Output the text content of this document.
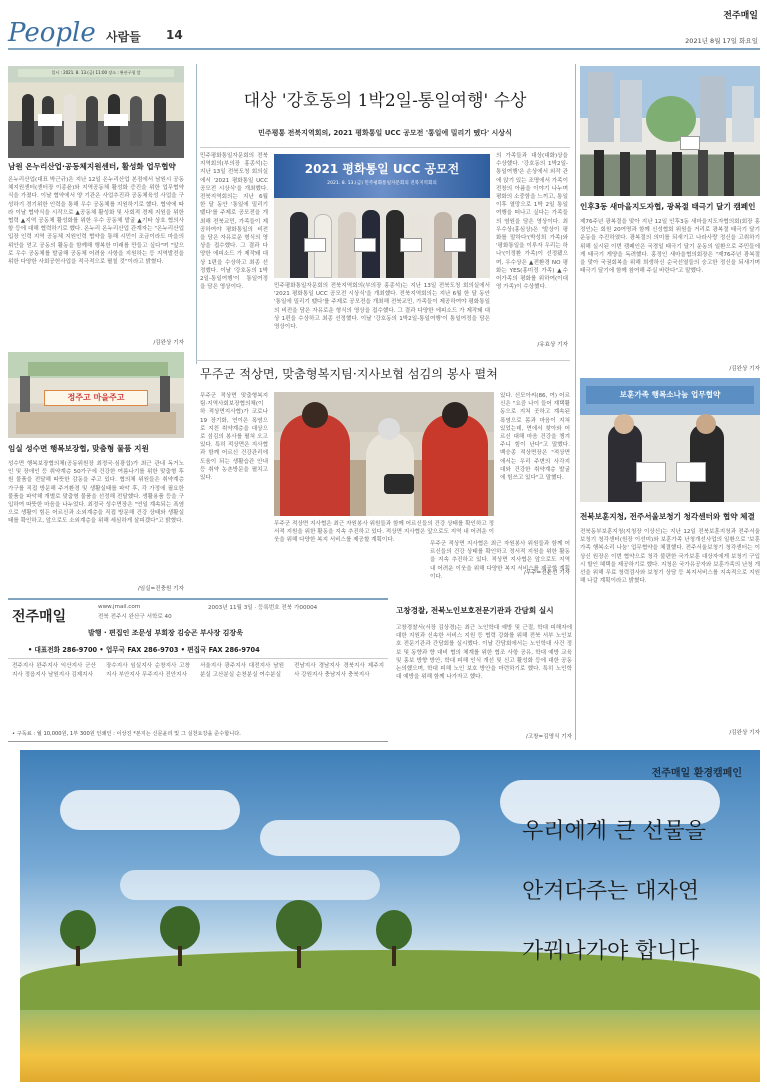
People 사람들 14
전주매일
2021년 8월 17일 화요일
일시 : 2021. 8. 13.(금) 11:00 장소 : 완산구청 앞
남원 온누리산업·공동체지원센터, 활성화 업무협약
온누리산업(대표 박근규)은 지난 12일 온누리산업 본점에서 남원시 공동체지원센터(센터장 이종윤)와 지역공동체 활성화 증진을 위한 업무협약식을 가졌다. 이날 협약에서 양 기관은 사업추진과 공동체육성 사업을 구성하기 경기위한 인력을 통해 우수 공동체를 지원하기로 했다. 협약에 따라 이날 협약식을 시작으로 ▲공동체 활성화 및 사회적 경제 지원을 위한 협력 ▲지역 공동체 활성화를 위한 우수 공동체 발굴 ▲기타 상호 협의사항 등에 대해 협력하기로 했다. 온누리 온누리산업 관계자는 "온누리산업 입장 인력 지역 공동체 지원인력 협약을 통해 시민이 조금이라도 마을의 위안을 얻고 공동의 활동을 함께해 행복한 미래를 만들고 싶다"며 "앞으로 우수 공동체를 발굴해 공동체 어려움 사항을 지원하는 등 지역발전을 위한 다양한 사회공헌사업을 적극적으로 펼칠 것"이라고 밝혔다.
/김완상 기자
정주고 마을주고
임실 성수면 행복보장협, 맞춤형 물품 지원
성수면 행복보장협의체(공동위원장 최정국·심광섭)가 최근 관내 독거노인 및 장애인 등 취약계층 50가구에 건강한 여름나기를 위한 맞춤형 후원 물품을 전달해 따뜻한 감동을 주고 있다. 협의체 위원들은 취약계층 가구를 직접 방문해 주거환경 및 생활실태를 파악 후, 각 가정에 필요한 물품을 파악해 개별로 맞춤형 물품을 선정해 전달했다. 생활용품 등을 구입하여 따뜻한 마음을 나누었다. 최정국 성수면장은 "연일 계속되는 폭염으로 생활이 힘든 어르신과 소외계층을 직접 방문해 건강 상태와 생활실태를 확인하고, 앞으로도 소외계층을 위해 세심하게 살피겠다"고 밝혔다.
/임실=진충원 기자
대상 '강호동의 1박2일-통일여행' 수상
민주평통 전북지역회의, 2021 평화통일 UCC 공모전 '통일에 밀리기 뗐다' 시상식
민주평화통일자문회의 전북지역회의(부의장 홍종석)는 지난 13일 전북도청 회의실에서 '2021 평화통일 UCC 공모전 시상식'을 개최했다. 전북지역회의는 지난 6월 한 달 동안 '통일에 밀리기 뗐다'를 주제로 공모전을 개최해 전북교민, 가족들이 제공하여야 평화통일의 비전을 담은 자유로운 형식의 영상을 접수했다. 그 결과 다양한 에피소드 가 제작돼 대상 1편을 수상하고 최종 선정했다. 이날 '강호동의 1박2일-통일여행'이 통일여정을 담은 영상이다.
2021 평화통일 UCC 공모전
2021. 8. 13.(금) 민주평화통일자문회의 전북지역회의
민주평화통일자문회의 전북지역회의(부의장 홍종석)는 지난 13일 전북도청 회의실에서 '2021 평화통일 UCC 공모전 시상식'을 개최했다. 전북지역회의는 지난 6월 한 달 동안 '통일에 밀리기 뗐다'를 주제로 공모전을 개최해 전북교민, 가족들이 제공하여야 평화통일의 비전을 담은 자유로운 형식의 영상을 접수했다. 그 결과 다양한 에피소드 가 제작돼 대상 1편을 수상하고 최종 선정했다. 이날 '강호동의 1박2일-통일여행'이 통일여정을 담은 영상이다.
의 가족들과 대상(대화)상을 수상했다. '강호동의 1박2일-통일여행'은 손상에서 외작 관에 앉기 있는 조명에서 가족이 전창의 아픔을 이야기 나누며 평화의 소중함을 느끼고, 통일 이후 열망으로 1박 2일 통일여행을 떠나고 싶다는 가족들의 염원을 담은 영상이다. 최우수상(홍심상)은 '발상이 평화를 말하다'(박성희 가족)와 '평화통일을 이루자 우리는 하나'(이정환 가족)이 선정됐으며, 우수상은 ▲전환경 NO 평화는 YES(홍미정 가족) ▲수어가족의 평화를 위하여(이대영 가족)이 수상했다.
/유효상 기자
무주군 적상면, 맞춤형복지팀·지사보협 섬김의 봉사 펼쳐
무주군 적상면 맞춤형복지팀·지역사회보장협의체(이하 적상면지사협)가 코로나19 장기화, 연이은 폭염으로 지친 취약계층을 대상으로 섬김의 봉사를 펼쳐 오고 있다. 특히 적상면은 지사협과 함께 어르신 건강관리에 도움이 되는 생활습관 안내 등 취약 농촌방문을 펼치고 있다.
무주군 적상면 지사협은 최근 자원봉사 위원들과 함께 어르신들의 건강 상태를 확인하고 정서적 지원을 위한 활동을 지속 추진하고 있다. 적상면 지사협은 앞으로도 지역 내 어려운 이웃을 위해 다양한 복지 서비스를 제공할 계획이다.
있다. 신모아씨(86, 여) 어르신은 "요즘 나이 들어 재택활동으로 지쳐 곳하고 계속된 폭염으로 몸과 마음이 지쳐 있었는데, 면에서 찾아와 어르신 대해 마음 건강을 챙겨주니 힘이 난다"고 말했다. 백승종 적상면장은 "적상면에서는 우리 주변의 사각지대와 건강한 취약계층 발굴에 힘쓰고 있다"고 말했다.
무주군 적상면 지사협은 최근 자원봉사 위원들과 함께 어르신들의 건강 상태를 확인하고 정서적 지원을 위한 활동을 지속 추진하고 있다. 적상면 지사협은 앞으로도 지역 내 어려운 이웃을 위해 다양한 복지 서비스를 제공할 계획이다.
/무주=전윤선 기자
전주매일
www.jmail.com
전북 전주시 완산구 서학로 40
2003년 11월 3일 · 등록번호 전북 가00004
발행 · 편집인 조문성 부회장 김승곤 부사장 김장욱
• 대표전화 286-9700 • 업무국 FAX 286-9703 • 편집국 FAX 286-9704
전주지사 완주지사 익산지사 군산지사 정읍지사 남원지사 김제지사
장수지사 임실지사 순창지사 고창지사 부안지사 무주지사 진안지사
서울지사 광주지사 대전지사 남원분실 고산분실 순천분실 여수분실
전남지사 경남지사 경북지사 제주지사 강원지사 충남지사 충북지사
• 구독료 : 월 10,000원, 1부 300원 인쇄인 : 이상진 *본지는 신문윤리 및 그 실천요강을 준수합니다.
고창경찰, 전북노인보호전문기관과 간담회 실시
고창경찰서(서장 김상경)는 최근 노인학대 예방 및 근절, 학대 피해자에 대한 지원과 신속한 서비스 지원 등 협력 강화를 위해 전북 서부 노인보호 전문기관과 간담회를 실시했다. 이날 간담회에서는 노인학대 사건 정보 및 동향과 향 대비 협의 체계를 위한 협조 사항 공유, 학대 예방 교육 및 홍보 방향 방안, 학대 피해 인식 개선 및 신고 활성화 등에 대한 공동 논의했으며, 학대 피해 노인 보호 방안을 마련하기로 했다. 특히 노인학대 예방을 위해 함께 나가자고 했다.
/고창=김영식 기자
인후3동 새마을지도자협, 광복절 태극기 달기 캠페인
제76주년 광복절을 맞아 지난 12일 인후3동 새마을지도자협의회(회장 홍정인)는 회원 20여명과 함께 신성협회 위원을 거리로 광복절 태극기 달기 운동을 추진하였다. 광복절의 의미를 되새기고 나라사랑 정신을 고취하기 위해 실시된 이번 캠페인은 국경일 태극기 달기 운동의 일환으로 주민들에게 태극기 게양을 독려했다. 홍정인 새마을협의회장은 "제76주년 광복절을 맞아 국권회복을 위해 희생하신 순국선열들의 숭고한 정신을 되새기며 태극기 달기에 함께 참여해 주실 바란다"고 말했다.
/김완상 기자
보훈가족 행복소나눔 업무협약
전북보훈지청, 전주서울보청기 청각센터와 협약 체결
전북동부보훈지청(지청장 이상신)는 지난 12일 전북보훈지청과 전주서울보청기 청각센터(원장 이선미)와 보훈가족 난청개선사업의 일환으로 '보훈가족 행복소리 나눔' 업무협약을 체결했다. 전주서울보청기 청각센터는 이상신 원장은 이번 협약으로 청각 불편한 국가보훈 대상자에게 보청기 구입 시 할인 혜택을 제공하기로 했다. 지청은 국가유공자와 보훈가족의 난청 개선을 위해 무료 청력검사와 보청기 상담 등 복지서비스를 지속적으로 지원해 나갈 계획이라고 밝혔다.
/김완상 기자
전주매일 환경캠페인
우리에게 큰 선물을
안겨다주는 대자연
가꿔나가야 합니다
